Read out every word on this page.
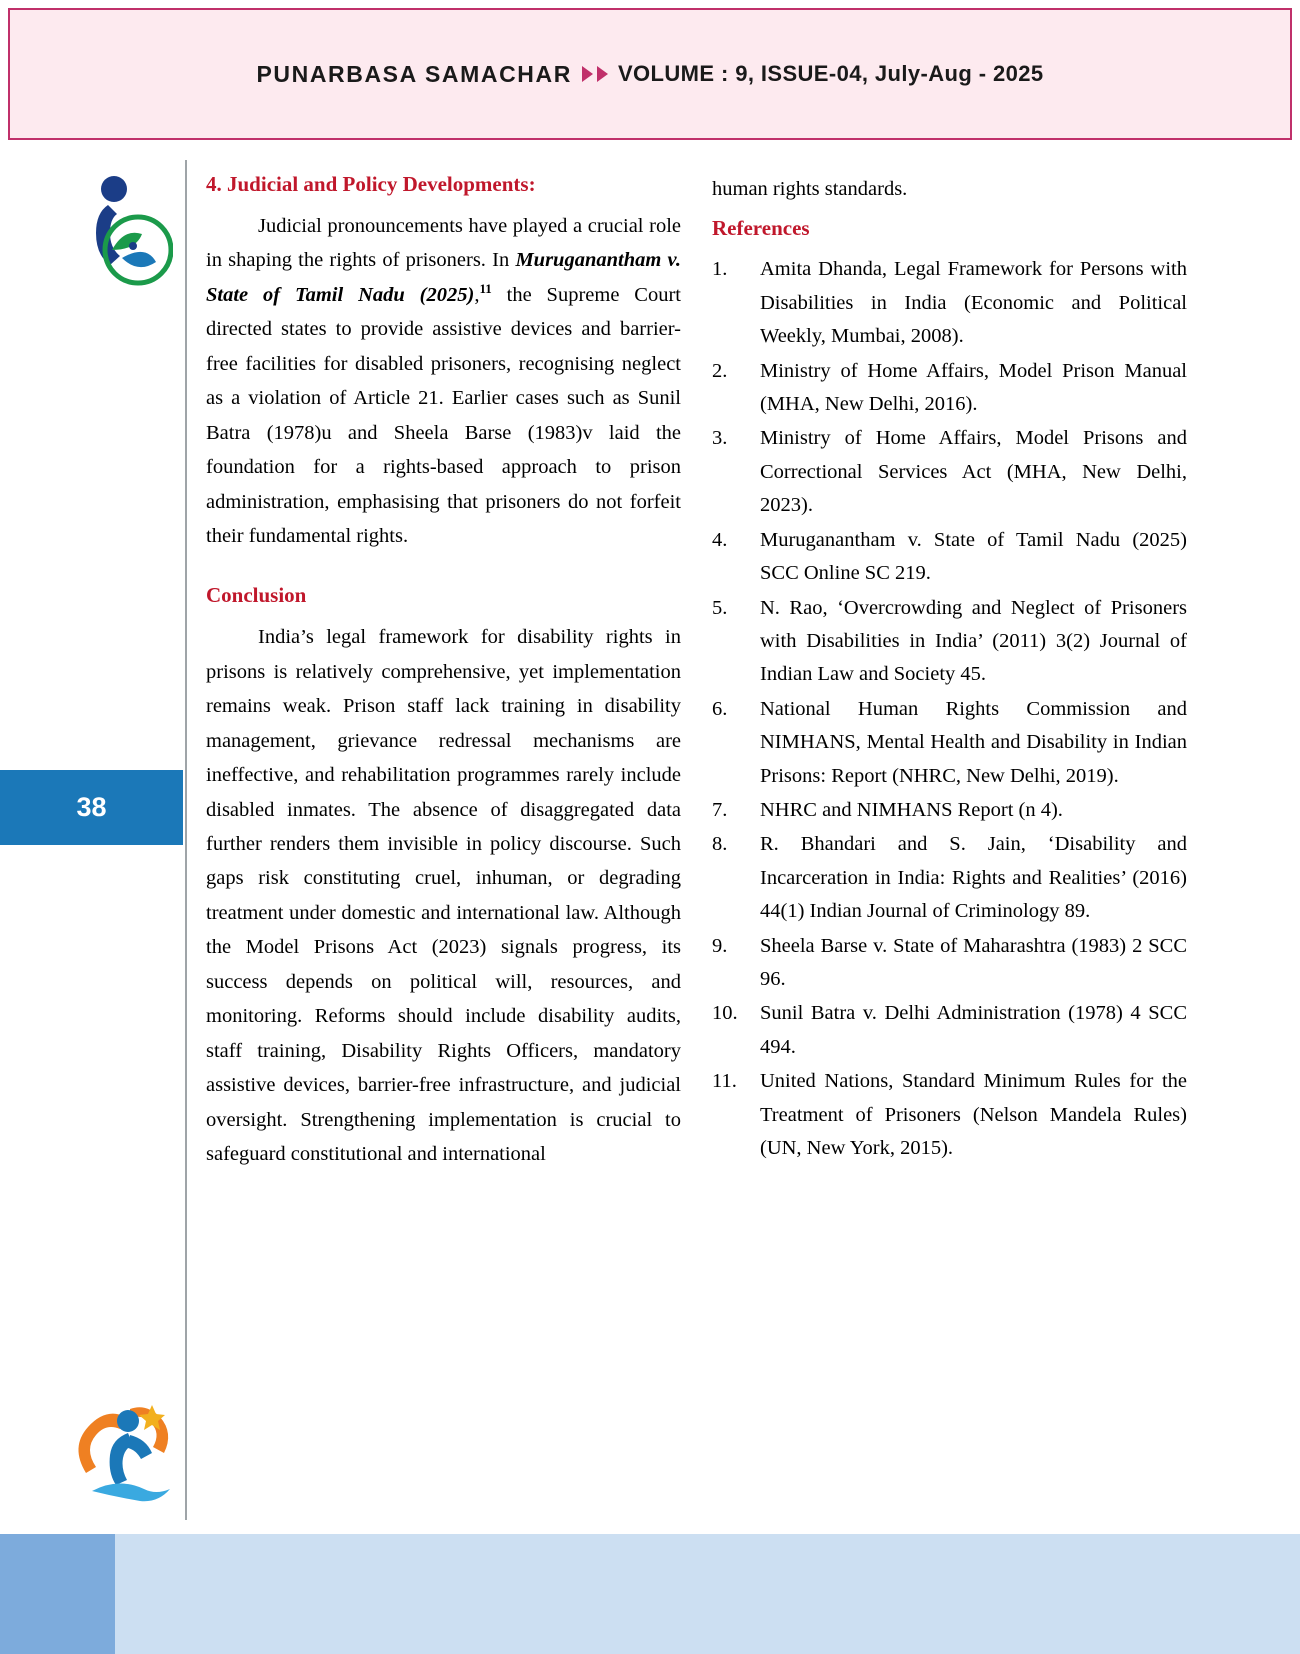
PUNARBASA SAMACHAR VOLUME : 9, ISSUE-04, July-Aug - 2025
38
4. Judicial and Policy Developments:

Judicial pronouncements have played a crucial role in shaping the rights of prisoners. In Muruganantham v. State of Tamil Nadu (2025),$^{11}$ the Supreme Court directed states to provide assistive devices and barrier-free facilities for disabled prisoners, recognising neglect as a violation of Article 21. Earlier cases such as Sunil Batra (1978)u and Sheela Barse (1983)v laid the foundation for a rights-based approach to prison administration, emphasising that prisoners do not forfeit their fundamental rights.

Conclusion

India’s legal framework for disability rights in prisons is relatively comprehensive, yet implementation remains weak. Prison staff lack training in disability management, grievance redressal mechanisms are ineffective, and rehabilitation programmes rarely include disabled inmates. The absence of disaggregated data further renders them invisible in policy discourse. Such gaps risk constituting cruel, inhuman, or degrading treatment under domestic and international law. Although the Model Prisons Act (2023) signals progress, its success depends on political will, resources, and monitoring. Reforms should include disability audits, staff training, Disability Rights Officers, mandatory assistive devices, barrier-free infrastructure, and judicial oversight. Strengthening implementation is crucial to safeguard constitutional and international

human rights standards.

References
1.	Amita Dhanda, Legal Framework for Persons with Disabilities in India (Economic and Political Weekly, Mumbai, 2008).
2.	Ministry of Home Affairs, Model Prison Manual (MHA, New Delhi, 2016).
3.	Ministry of Home Affairs, Model Prisons and Correctional Services Act (MHA, New Delhi, 2023).
4.	Muruganantham v. State of Tamil Nadu (2025) SCC Online SC 219.
5.	N. Rao, ‘Overcrowding and Neglect of Prisoners with Disabilities in India’ (2011) 3(2) Journal of Indian Law and Society 45.
6.	National Human Rights Commission and NIMHANS, Mental Health and Disability in Indian Prisons: Report (NHRC, New Delhi, 2019).
7.	NHRC and NIMHANS Report (n 4).
8.	R. Bhandari and S. Jain, ‘Disability and Incarceration in India: Rights and Realities’ (2016) 44(1) Indian Journal of Criminology 89.
9.	Sheela Barse v. State of Maharashtra (1983) 2 SCC 96.
10.	Sunil Batra v. Delhi Administration (1978) 4 SCC 494.
11.	United Nations, Standard Minimum Rules for the Treatment of Prisoners (Nelson Mandela Rules) (UN, New York, 2015).
